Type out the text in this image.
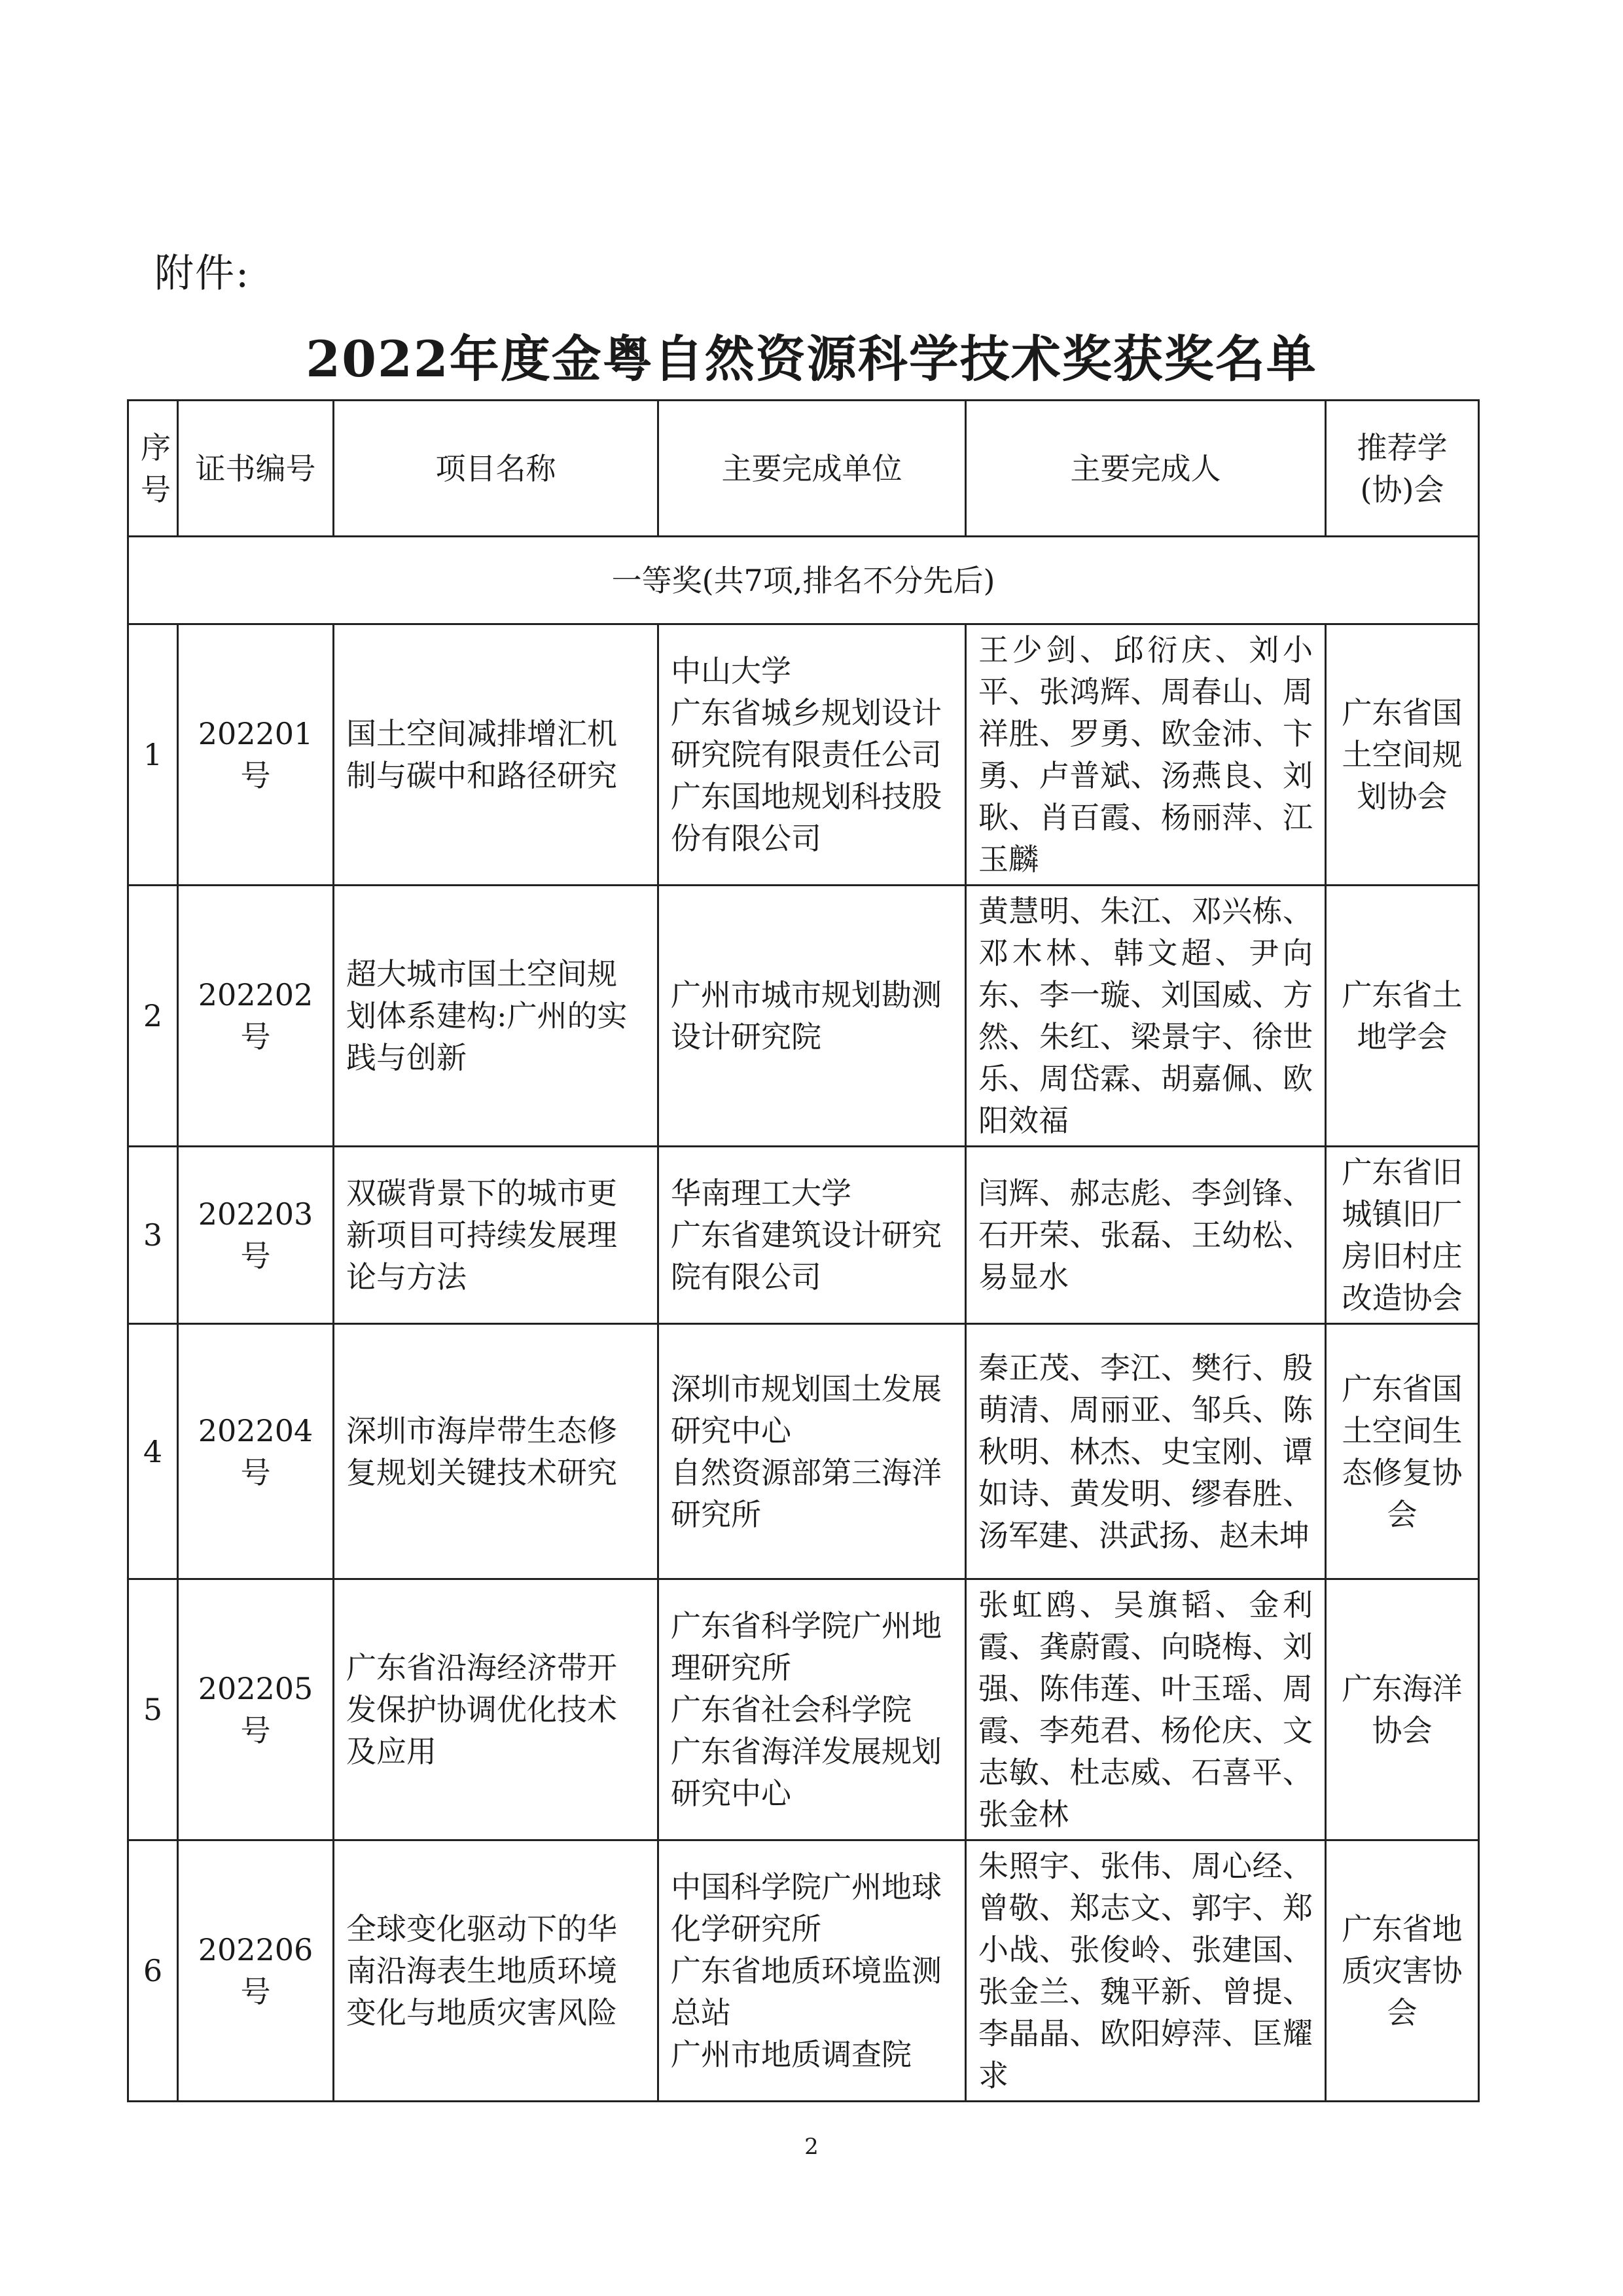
附件:
2022年度金粤自然资源科学技术奖获奖名单
序号	证书编号	项目名称	主要完成单位	主要完成人	推荐学(协)会
一等奖(共7项,排名不分先后)					
1	202201号	国土空间减排增汇机制与碳中和路径研究	中山大学
广东省城乡规划设计研究院有限责任公司
广东国地规划科技股份有限公司	王少剑、邱衍庆、刘小平、张鸿辉、周春山、周祥胜、罗勇、欧金沛、卞勇、卢普斌、汤燕良、刘耿、肖百霞、杨丽萍、江玉麟	广东省国土空间规划协会
2	202202号	超大城市国土空间规划体系建构:广州的实践与创新	广州市城市规划勘测设计研究院	黄慧明、朱江、邓兴栋、邓木林、韩文超、尹向东、李一璇、刘国威、方然、朱红、梁景宇、徐世乐、周岱霖、胡嘉佩、欧阳效福	广东省土地学会
3	202203号	双碳背景下的城市更新项目可持续发展理论与方法	华南理工大学
广东省建筑设计研究院有限公司	闫辉、郝志彪、李剑锋、石开荣、张磊、王幼松、易显水	广东省旧城镇旧厂房旧村庄改造协会
4	202204号	深圳市海岸带生态修复规划关键技术研究	深圳市规划国土发展研究中心
自然资源部第三海洋研究所	秦正茂、李江、樊行、殷萌清、周丽亚、邹兵、陈秋明、林杰、史宝刚、谭如诗、黄发明、缪春胜、汤军建、洪武扬、赵未坤	广东省国土空间生态修复协会
5	202205号	广东省沿海经济带开发保护协调优化技术及应用	广东省科学院广州地理研究所
广东省社会科学院
广东省海洋发展规划研究中心	张虹鸥、吴旗韬、金利霞、龚蔚霞、向晓梅、刘强、陈伟莲、叶玉瑶、周霞、李苑君、杨伦庆、文志敏、杜志威、石喜平、张金林	广东海洋协会
6	202206号	全球变化驱动下的华南沿海表生地质环境变化与地质灾害风险	中国科学院广州地球化学研究所
广东省地质环境监测总站
广州市地质调查院	朱照宇、张伟、周心经、曾敬、郑志文、郭宇、郑小战、张俊岭、张建国、张金兰、魏平新、曾提、李晶晶、欧阳婷萍、匡耀求	广东省地质灾害协会
2
